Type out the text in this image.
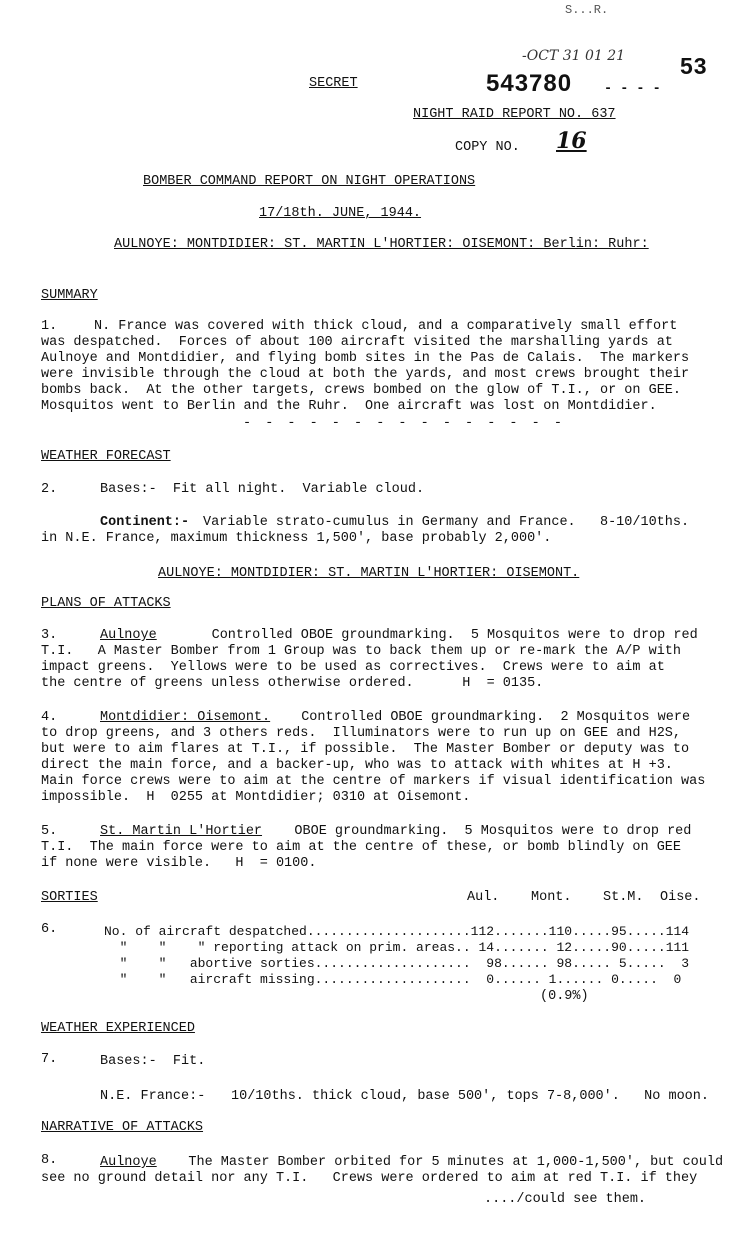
S...R.
-OCT 31 01 21 53
543780 - - - -
SECRET
NIGHT RAID REPORT NO. 637
COPY NO. 16
BOMBER COMMAND REPORT ON NIGHT OPERATIONS
17/18th. JUNE, 1944.
AULNOYE: MONTDIDIER: ST. MARTIN L'HORTIER: OISEMONT: Berlin: Ruhr:
SUMMARY
1.	N. France was covered with thick cloud, and a comparatively small effort
was despatched.  Forces of about 100 aircraft visited the marshalling yards at
Aulnoye and Montdidier, and flying bomb sites in the Pas de Calais.  The markers
were invisible through the cloud at both the yards, and most crews brought their
bombs back.  At the other targets, crews bombed on the glow of T.I., or on GEE.
Mosquitos went to Berlin and the Ruhr.  One aircraft was lost on Montdidier.
- - - - - - - - - - - - - - -
WEATHER FORECAST
2.	Bases:-  Fit all night.  Variable cloud.
Continent:- Variable strato-cumulus in Germany and France.   8-10/10ths.
in N.E. France, maximum thickness 1,500', base probably 2,000'.
AULNOYE: MONTDIDIER: ST. MARTIN L'HORTIER: OISEMONT.
PLANS OF ATTACKS
3.	Aulnoye Controlled OBOE groundmarking.  5 Mosquitos were to drop red
T.I.   A Master Bomber from 1 Group was to back them up or re-mark the A/P with
impact greens.  Yellows were to be used as correctives.  Crews were to aim at
the centre of greens unless otherwise ordered.      H  = 0135.
4.	Montdidier: Oisemont. Controlled OBOE groundmarking.  2 Mosquitos were
to drop greens, and 3 others reds.  Illuminators were to run up on GEE and H2S,
but were to aim flares at T.I., if possible.  The Master Bomber or deputy was to
direct the main force, and a backer-up, who was to attack with whites at H +3.
Main force crews were to aim at the centre of markers if visual identification was
impossible.  H  0255 at Montdidier; 0310 at Oisemont.
5.	St. Martin L'Hortier OBOE groundmarking.  5 Mosquitos were to drop red
T.I.  The main force were to aim at the centre of these, or bomb blindly on GEE
if none were visible.   H  = 0100.
SORTIES	Aul. Mont. St.M. Oise.
6.	No. of aircraft despatched.....................112.......110.....95.....114
"    "    " reporting attack on prim. areas.. 14....... 12.....90.....111
"    "   abortive sorties....................  98...... 98..... 5.....  3
"    "   aircraft missing....................  0...... 1...... 0.....  0
(0.9%)
WEATHER EXPERIENCED
7.	Bases:-  Fit.
N.E. France:- 10/10ths. thick cloud, base 500', tops 7-8,000'.   No moon.
NARRATIVE OF ATTACKS
8.	Aulnoye The Master Bomber orbited for 5 minutes at 1,000-1,500', but could
see no ground detail nor any T.I.   Crews were ordered to aim at red T.I. if they
..../could see them.
